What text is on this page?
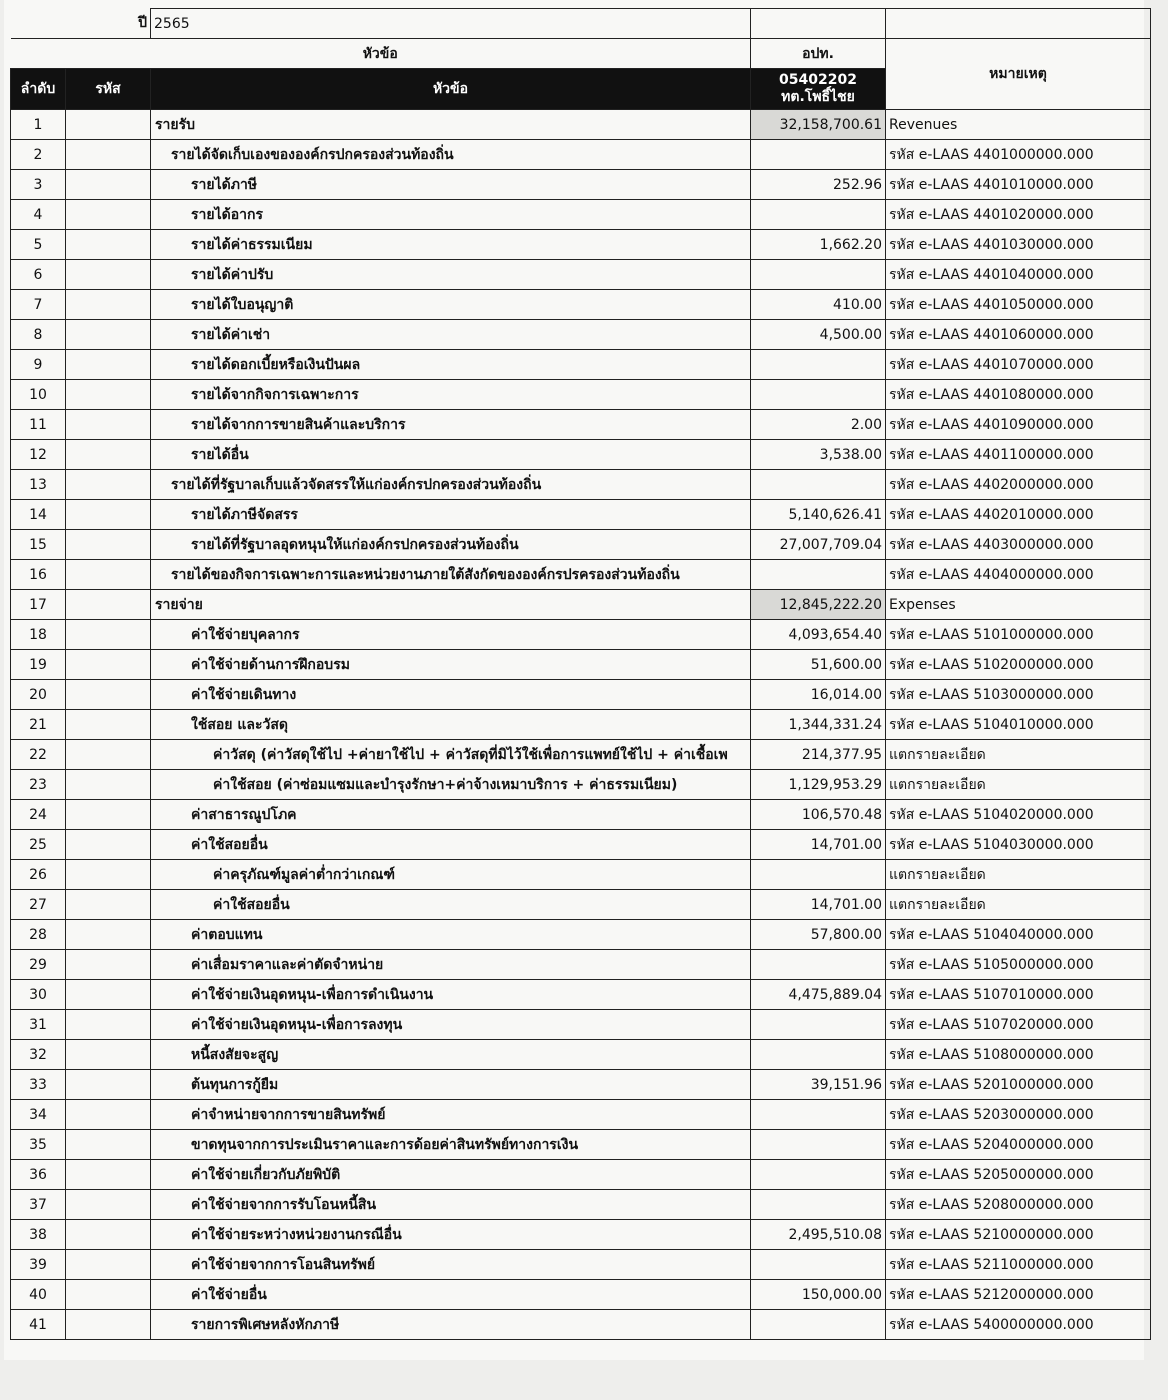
	ปี	2565		
หัวข้อ			อปท.	หมายเหตุ
ลำดับ	รหัส	หัวข้อ	05402202
ทต.โพธิ์ไชย	

1		รายรับ	32,158,700.61	Revenues
2		รายได้จัดเก็บเองขององค์กรปกครองส่วนท้องถิ่น		รหัส e-LAAS 4401000000.000
3		รายได้ภาษี	252.96	รหัส e-LAAS 4401010000.000
4		รายได้อากร		รหัส e-LAAS 4401020000.000
5		รายได้ค่าธรรมเนียม	1,662.20	รหัส e-LAAS 4401030000.000
6		รายได้ค่าปรับ		รหัส e-LAAS 4401040000.000
7		รายได้ใบอนุญาติ	410.00	รหัส e-LAAS 4401050000.000
8		รายได้ค่าเช่า	4,500.00	รหัส e-LAAS 4401060000.000
9		รายได้ดอกเบี้ยหรือเงินปันผล		รหัส e-LAAS 4401070000.000
10		รายได้จากกิจการเฉพาะการ		รหัส e-LAAS 4401080000.000
11		รายได้จากการขายสินค้าและบริการ	2.00	รหัส e-LAAS 4401090000.000
12		รายได้อื่น	3,538.00	รหัส e-LAAS 4401100000.000
13		รายได้ที่รัฐบาลเก็บแล้วจัดสรรให้แก่องค์กรปกครองส่วนท้องถิ่น		รหัส e-LAAS 4402000000.000
14		รายได้ภาษีจัดสรร	5,140,626.41	รหัส e-LAAS 4402010000.000
15		รายได้ที่รัฐบาลอุดหนุนให้แก่องค์กรปกครองส่วนท้องถิ่น	27,007,709.04	รหัส e-LAAS 4403000000.000
16		รายได้ของกิจการเฉพาะการและหน่วยงานภายใต้สังกัดขององค์กรปรครองส่วนท้องถิ่น		รหัส e-LAAS 4404000000.000
17		รายจ่าย	12,845,222.20	Expenses
18		ค่าใช้จ่ายบุคลากร	4,093,654.40	รหัส e-LAAS 5101000000.000
19		ค่าใช้จ่ายด้านการฝึกอบรม	51,600.00	รหัส e-LAAS 5102000000.000
20		ค่าใช้จ่ายเดินทาง	16,014.00	รหัส e-LAAS 5103000000.000
21		ใช้สอย และวัสดุ	1,344,331.24	รหัส e-LAAS 5104010000.000
22		ค่าวัสดุ (ค่าวัสดุใช้ไป +ค่ายาใช้ไป + ค่าวัสดุที่มิไว้ใช้เพื่อการแพทย์ใช้ไป + ค่าเชื้อเพ	214,377.95	แตกรายละเอียด
23		ค่าใช้สอย (ค่าซ่อมแซมและบำรุงรักษา+ค่าจ้างเหมาบริการ + ค่าธรรมเนียม)	1,129,953.29	แตกรายละเอียด
24		ค่าสาธารณูปโภค	106,570.48	รหัส e-LAAS 5104020000.000
25		ค่าใช้สอยอื่น	14,701.00	รหัส e-LAAS 5104030000.000
26		ค่าครุภัณฑ์มูลค่าต่ำกว่าเกณฑ์		แตกรายละเอียด
27		ค่าใช้สอยอื่น	14,701.00	แตกรายละเอียด
28		ค่าตอบแทน	57,800.00	รหัส e-LAAS 5104040000.000
29		ค่าเสื่อมราคาและค่าตัดจำหน่าย		รหัส e-LAAS 5105000000.000
30		ค่าใช้จ่ายเงินอุดหนุน-เพื่อการดำเนินงาน	4,475,889.04	รหัส e-LAAS 5107010000.000
31		ค่าใช้จ่ายเงินอุดหนุน-เพื่อการลงทุน		รหัส e-LAAS 5107020000.000
32		หนี้สงสัยจะสูญ		รหัส e-LAAS 5108000000.000
33		ต้นทุนการกู้ยืม	39,151.96	รหัส e-LAAS 5201000000.000
34		ค่าจำหน่ายจากการขายสินทรัพย์		รหัส e-LAAS 5203000000.000
35		ขาดทุนจากการประเมินราคาและการด้อยค่าสินทรัพย์ทางการเงิน		รหัส e-LAAS 5204000000.000
36		ค่าใช้จ่ายเกี่ยวกับภัยพิบัติ		รหัส e-LAAS 5205000000.000
37		ค่าใช้จ่ายจากการรับโอนหนี้สิน		รหัส e-LAAS 5208000000.000
38		ค่าใช้จ่ายระหว่างหน่วยงานกรณีอื่น	2,495,510.08	รหัส e-LAAS 5210000000.000
39		ค่าใช้จ่ายจากการโอนสินทรัพย์		รหัส e-LAAS 5211000000.000
40		ค่าใช้จ่ายอื่น	150,000.00	รหัส e-LAAS 5212000000.000
41		รายการพิเศษหลังหักภาษี		รหัส e-LAAS 5400000000.000
